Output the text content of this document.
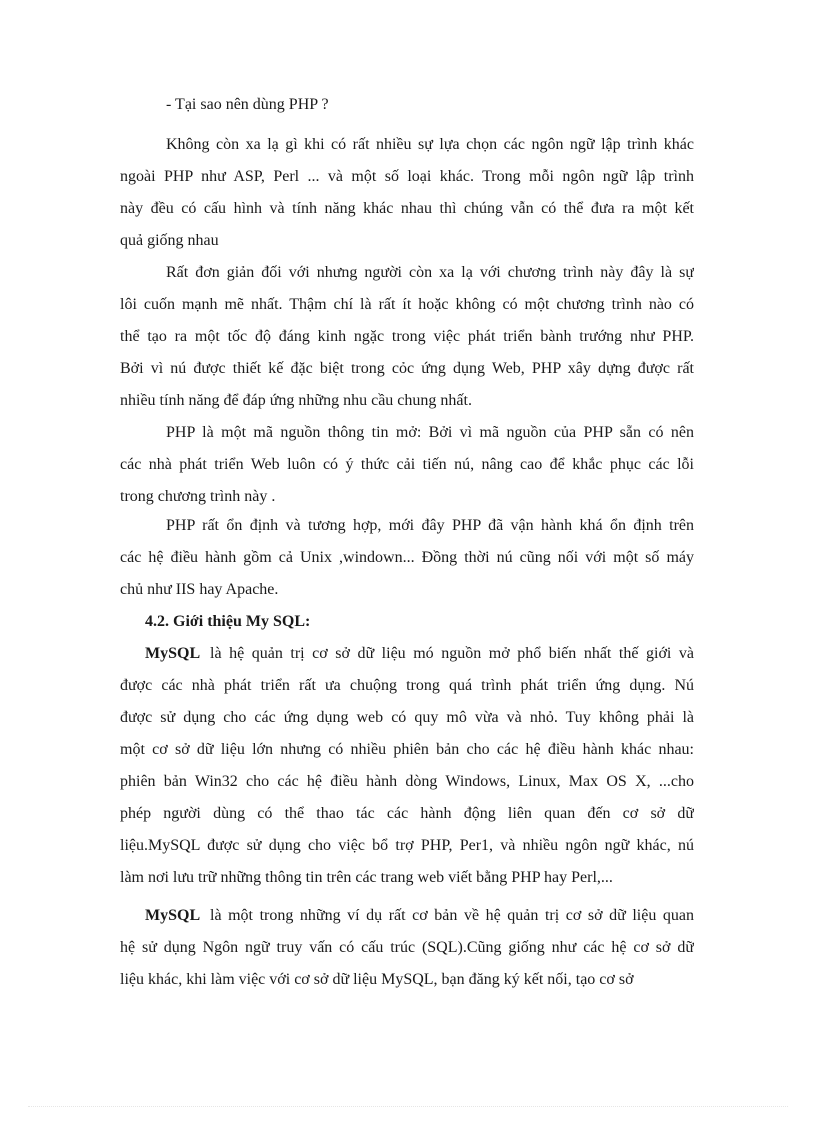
- Tại sao nên dùng PHP ?
Không còn xa lạ gì khi có rất nhiều sự lựa chọn các ngôn ngữ lập trình khác
ngoài PHP như ASP, Perl ... và một số loại khác. Trong mỗi ngôn ngữ lập trình
này đều có cấu hình và tính năng khác nhau thì chúng vẫn có thể đưa ra một kết
quả giống nhau
Rất đơn giản đối với nhưng người còn xa lạ với chương trình này đây là sự
lôi cuốn mạnh mẽ nhất. Thậm chí là rất ít hoặc không có một chương trình nào có
thể tạo ra một tốc độ đáng kinh ngặc trong việc phát triển bành trướng như PHP.
Bởi vì nú được thiết kế đặc biệt trong cỏc ứng dụng Web, PHP xây dựng được rất
nhiều tính năng để đáp ứng những nhu cầu chung nhất.
PHP là một mã nguồn thông tin mở: Bởi vì mã nguồn của PHP sẵn có nên
các nhà phát triển Web luôn có ý thức cải tiến nú, nâng cao để khắc phục các lỗi
trong chương trình này .
PHP rất ổn định và tương hợp, mới đây PHP đã vận hành khá ổn định trên
các hệ điều hành gồm cả Unix ,windown... Đồng thời nú cũng nối với một số máy
chủ như IIS hay Apache.
4.2. Giới thiệu My SQL:
MySQL là hệ quản trị cơ sở dữ liệu mó nguồn mở phổ biến nhất thế giới và
được các nhà phát triển rất ưa chuộng trong quá trình phát triển ứng dụng. Nú
được sử dụng cho các ứng dụng web có quy mô vừa và nhỏ. Tuy không phải là
một cơ sở dữ liệu lớn nhưng có nhiều phiên bản cho các hệ điều hành khác nhau:
phiên bản Win32 cho các hệ điều hành dòng Windows, Linux, Max OS X, ...cho
phép người dùng có thể thao tác các hành động liên quan đến cơ sở dữ
liệu.MySQL được sử dụng cho việc bổ trợ PHP, Per1, và nhiều ngôn ngữ khác, nú
làm nơi lưu trữ những thông tin trên các trang web viết bằng PHP hay Perl,...
MySQL là một trong những ví dụ rất cơ bản về hệ quản trị cơ sở dữ liệu quan
hệ sử dụng Ngôn ngữ truy vấn có cấu trúc (SQL).Cũng giống như các hệ cơ sở dữ
liệu khác, khi làm việc với cơ sở dữ liệu MySQL, bạn đăng ký kết nối, tạo cơ sở
